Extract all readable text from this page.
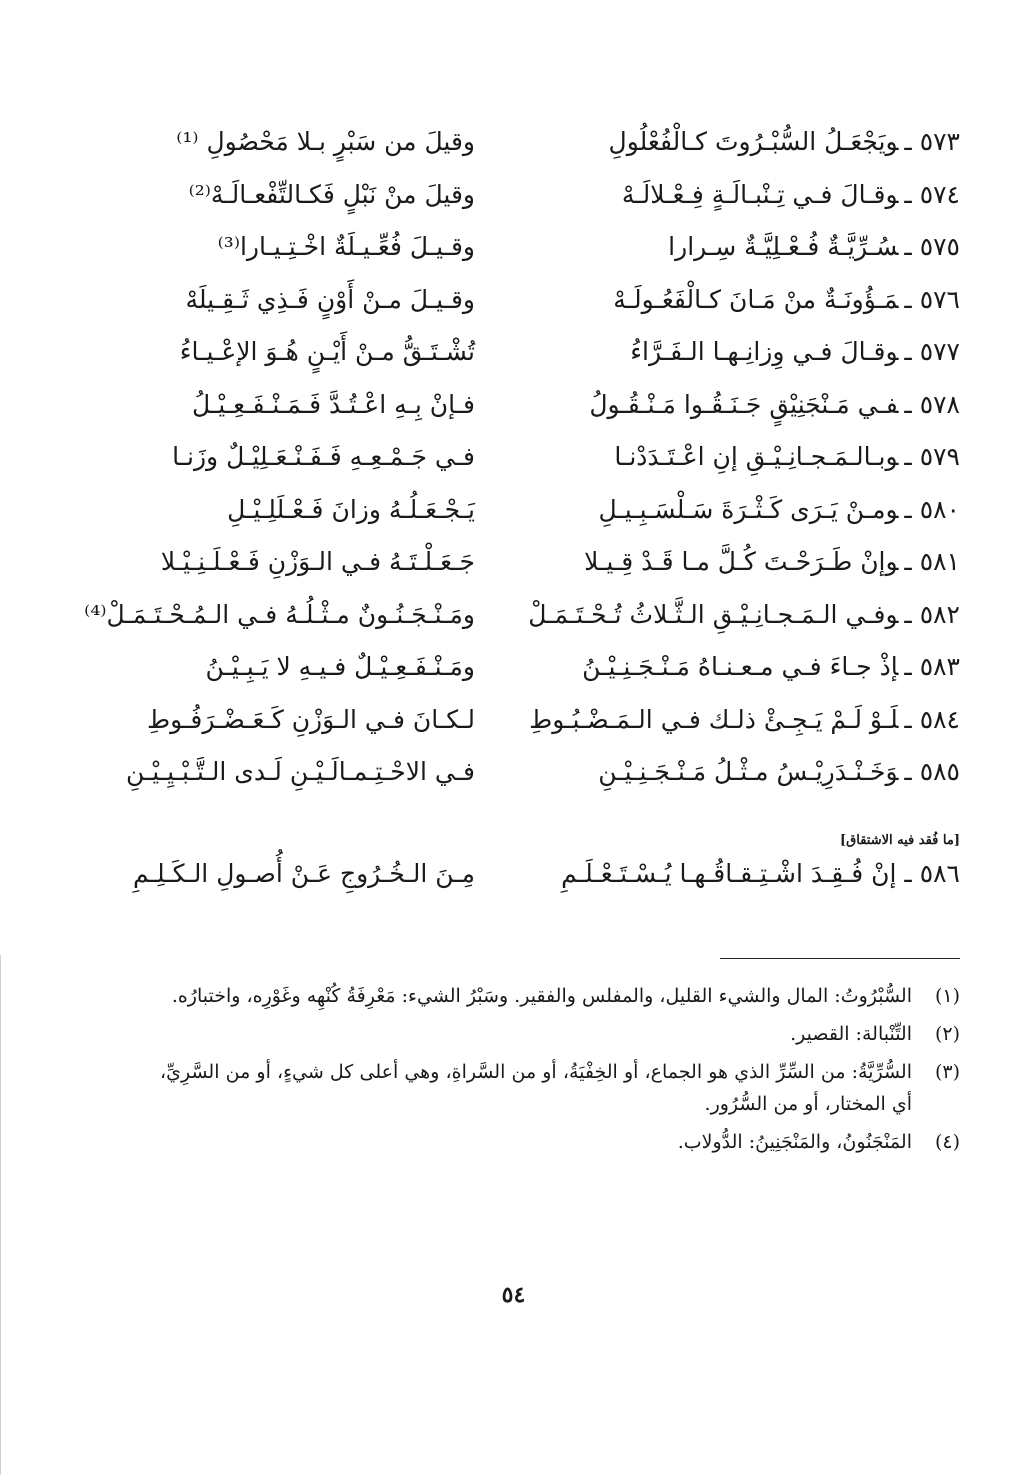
٥٧٣ ـويَجْعَـلُ السُّبْـرُوتَ كـالْفُعْلُولِ
وقيلَ من سَبْرٍ بـلا مَحْصُولِ ⁽¹⁾
٥٧٤ ـوقـالَ فـي تِـنْبـالَـةٍ فِـعْـلالَـهْ
وقيلَ منْ نَبْلٍ فَكـالتِّفْعـالَـهْ⁽²⁾
٥٧٥ ـسُـرِّيَّـةٌ فُـعْـلِيَّـةٌ سِـرارا
وقـيـلَ فُعِّـيـلَةٌ اخْـتِـيـارا⁽³⁾
٥٧٦ ـمَـؤُونَـةٌ منْ مَـانَ كـالْفَعُـولَـهْ
وقـيـلَ مـنْ أَوْنٍ فَـذِي ثَـقِـيلَهْ
٥٧٧ ـوقـالَ فـي وِزانِـهـا الـفَـرَّاءُ
تُشْـتَـقُّ مـنْ أَيْـنٍ هُـوَ الإعْـيـاءُ
٥٧٨ ـفـي مَـنْجَنِيْقٍ جَـنَـقُـوا مَـنْـقُـولُ
فـإنْ بِـهِ اعْـتُـدَّ فَـمَـنْـفَـعِـيْـلُ
٥٧٩ ـوبـالـمَـجـانِـيْـقِ إنِ اعْـتَـدَدْنـا
فـي جَـمْـعِـهِ فَـفَـنْـعَـلِيْـلٌ وزَنـا
٥٨٠ ـومـنْ يَـرَى كَـثْـرَةَ سَـلْسَـبِـيـلِ
يَـجْـعَـلُـهُ وزانَ فَـعْـلَلِـيْـلِ
٥٨١ ـوإنْ طَـرَحْـتَ كُـلَّ مـا قَـدْ قِـيـلا
جَـعَـلْـتَـهُ فـي الـوَزْنِ فَـعْـلَـنِـيْـلا
٥٨٢ ـوفـي الـمَـجـانِـيْـقِ الـثَّـلاثُ تُـحْـتَـمَـلْ
ومَـنْـجَـنُـونٌ مـثْـلُـهُ فـي الـمُـحْـتَـمَـلْ⁽⁴⁾
٥٨٣ ـإذْ جـاءَ فـي مـعـنـاهُ مَـنْـجَـنِـيْـنُ
ومَـنْـفَـعِـيْـلٌ فـيـهِ لا يَـبِـيْـنُ
٥٨٤ ـلَـوْ لَـمْ يَـجِـئْ ذلـك فـي الـمَـضْـبُـوطِ
لـكـانَ فـي الـوَزْنِ كَـعَـضْـرَفُـوطِ
٥٨٥ ـوَخَـنْـدَرِيْـسُ مـثْـلُ مَـنْـجَـنِـيْـنِ
فـي الاحْـتِـمـالَـيْـنِ لَـدى الـتَّـبْـيِـيْـنِ
[ما فُقد فيه الاشتقاق]
٥٨٦ ـ إنْ فُـقِـدَ اشْـتِـقـاقُـهـا يُـسْـتَـعْـلَـمِ
مِـنَ الـخُـرُوجِ عَـنْ أُصـولِ الـكَـلِـمِ
(١)
السُّبْرُوتُ: المال والشيء القليل، والمفلس والفقير. وسَبْرُ الشيء: مَعْرِفَةُ كُنْهِه وغَوْرِه، واختبارُه.
(٢)
التِّنْبالة: القصير.
(٣)
السُّرِّيَّةُ: من السِّرِّ الذي هو الجماع، أو الخِفْيَةُ، أو من السَّراةِ، وهي أعلى كل شيءٍ، أو من السَّرِيِّ، أي المختار، أو من السُّرُور.
(٤)
المَنْجَنُونُ، والمَنْجَنِينُ: الدُّولاب.
٥٤
